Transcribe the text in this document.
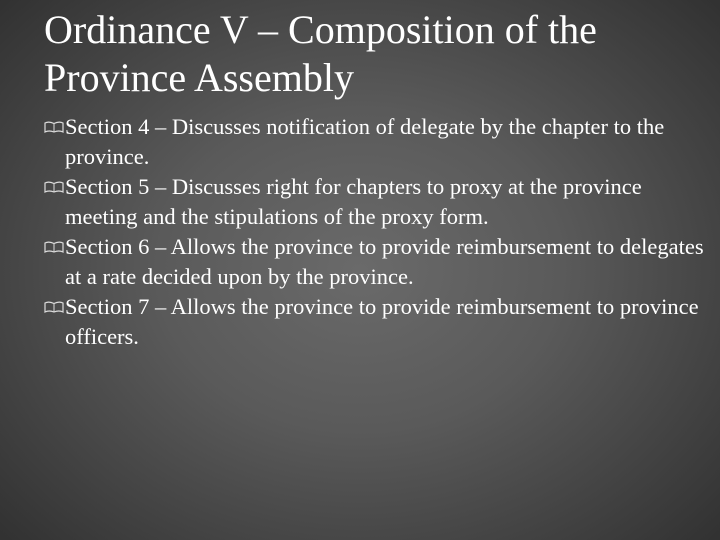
Ordinance V – Composition of the Province Assembly
Section 4 – Discusses notification of delegate by the chapter to the province.
Section 5 – Discusses right for chapters to proxy at the province meeting and the stipulations of the proxy form.
Section 6 – Allows the province to provide reimbursement to delegates at a rate decided upon by the province.
Section 7 – Allows the province to provide reimbursement to province officers.
